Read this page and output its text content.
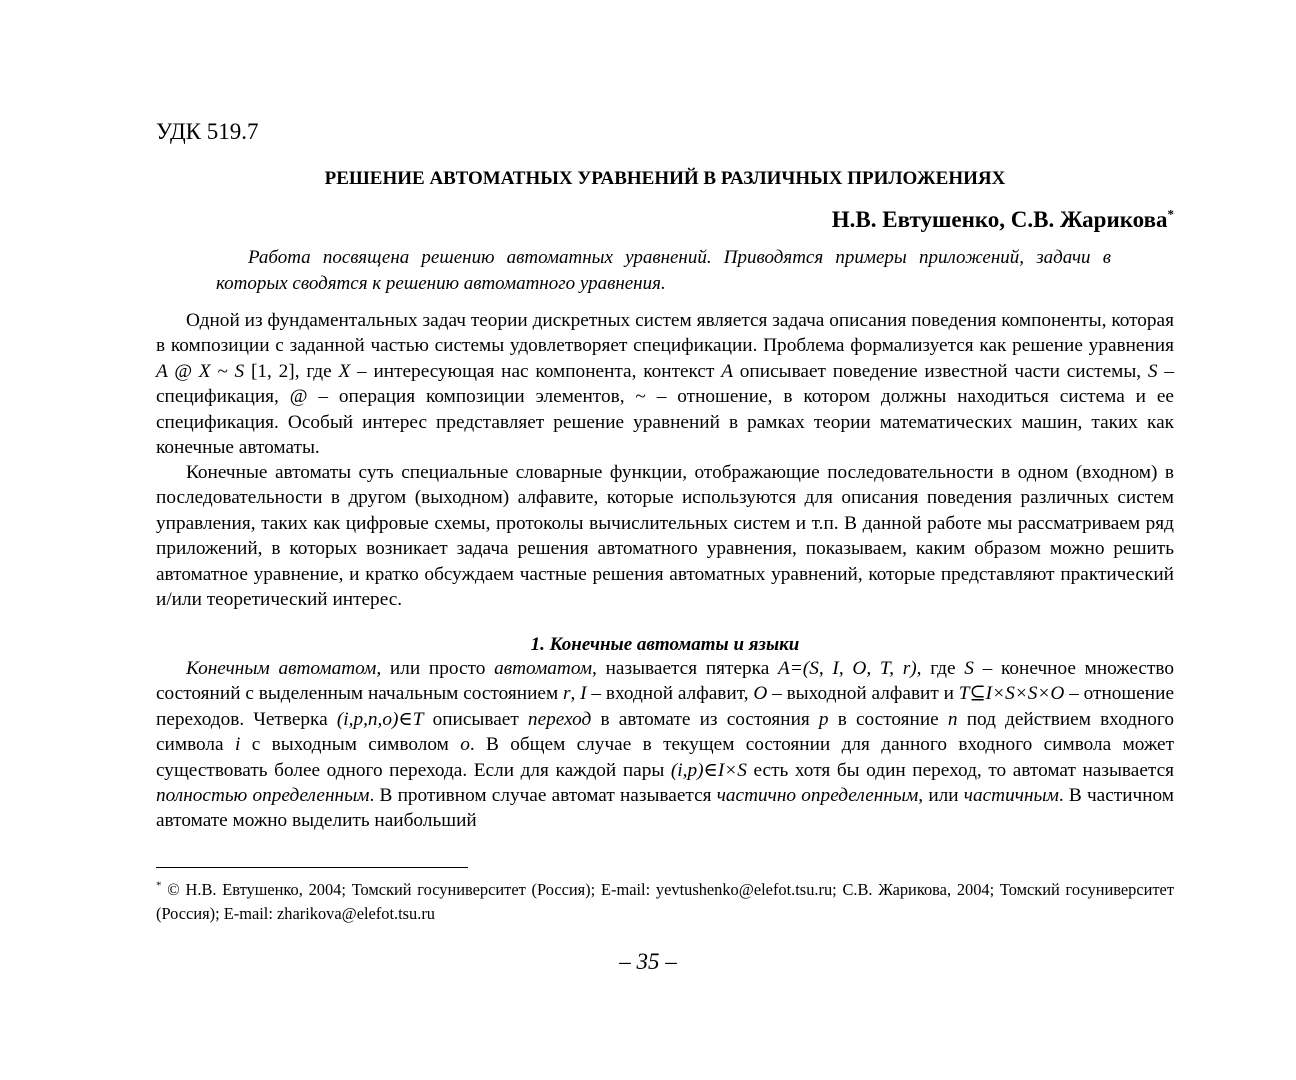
УДК 519.7
РЕШЕНИЕ АВТОМАТНЫХ УРАВНЕНИЙ В РАЗЛИЧНЫХ ПРИЛОЖЕНИЯХ
Н.В. Евтушенко, С.В. Жарикова*
Работа посвящена решению автоматных уравнений. Приводятся примеры приложений, задачи в которых сводятся к решению автоматного уравнения.

Одной из фундаментальных задач теории дискретных систем является задача описания поведения компоненты, которая в композиции с заданной частью системы удовлетворяет спецификации. Проблема формализуется как решение уравнения A @ X ~ S [1, 2], где X – интересующая нас компонента, контекст A описывает поведение известной части системы, S – спецификация, @ – операция композиции элементов, ~ – отношение, в котором должны находиться система и ее спецификация. Особый интерес представляет решение уравнений в рамках теории математических машин, таких как конечные автоматы.

Конечные автоматы суть специальные словарные функции, отображающие последовательности в одном (входном) в последовательности в другом (выходном) алфавите, которые используются для описания поведения различных систем управления, таких как цифровые схемы, протоколы вычислительных систем и т.п. В данной работе мы рассматриваем ряд приложений, в которых возникает задача решения автоматного уравнения, показываем, каким образом можно решить автоматное уравнение, и кратко обсуждаем частные решения автоматных уравнений, которые представляют практический и/или теоретический интерес.

1. Конечные автоматы и языки

Конечным автоматом, или просто автоматом, называется пятерка A=(S, I, O, T, r), где S – конечное множество состояний с выделенным начальным состоянием r, I – входной алфавит, O – выходной алфавит и T⊆I×S×S×O – отношение переходов. Четверка (i,p,n,o)∈T описывает переход в автомате из состояния p в состояние n под действием входного символа i с выходным символом o. В общем случае в текущем состоянии для данного входного символа может существовать более одного перехода. Если для каждой пары (i,p)∈I×S есть хотя бы один переход, то автомат называется полностью определенным. В противном случае автомат называется частично определенным, или частичным. В частичном автомате можно выделить наибольший

* © Н.В. Евтушенко, 2004; Томский госуниверситет (Россия); E-mail: yevtushenko@elefot.tsu.ru; С.В. Жарикова, 2004; Томский госуниверситет (Россия); E-mail: zharikova@elefot.tsu.ru
– 35 –
